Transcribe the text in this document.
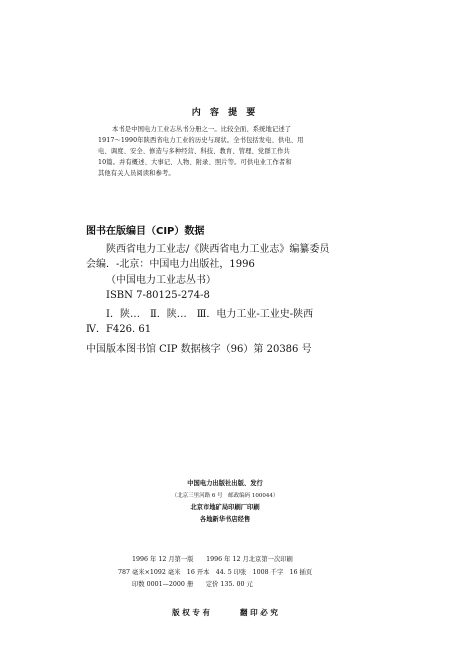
内 容 提 要
本书是中国电力工业志丛书分册之一。比较全面、系统地记述了
1917～1990年陕西省电力工业的历史与现状。全书包括发电、供电、用
电、调度、安全、修造与多种经营、科技、教育、管理、党群工作共
10篇。并有概述、大事记、人物、附录、照片等。可供电业工作者和
其他有关人员阅读和参考。
图书在版编目（CIP）数据
陕西省电力工业志/《陕西省电力工业志》编纂委员
会编．-北京：中国电力出版社，1996
（中国电力工业志丛书）
ISBN 7-80125-274-8
Ⅰ．陕…　Ⅱ．陕…　Ⅲ．电力工业-工业史-陕西
Ⅳ．F426. 61
中国版本图书馆 CIP 数据核字（96）第 20386 号
中国电力出版社出版、发行
（北京三里河路 6 号　邮政编码 100044）
北京市地矿局印刷厂印刷
各地新华书店经售
1996 年 12 月第一版　　1996 年 12 月北京第一次印刷
787 毫米×1092 毫米　16 开本　44. 5 印张　1008 千字　16 插页
印数 0001—2000 册　　定价 135. 00 元
版 权 专 有	翻 印 必 究
